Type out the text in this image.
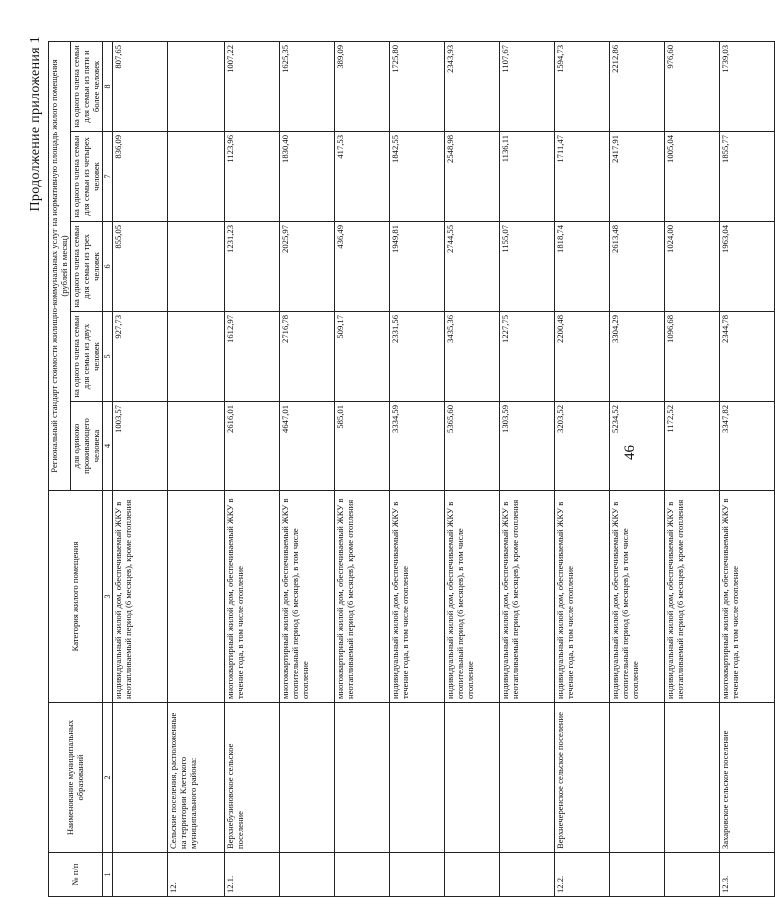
Продолжение приложения 1
№ п/п	Наименование муниципальных образований	Категория жилого помещения	Региональный стандарт стоимости жилищно-коммунальных услуг на нормативную площадь жилого помещения (рублей в месяц)				
			для одиноко проживающего человека	на одного члена семьи для семьи из двух человек	на одного члена семьи для семьи из трех человек	на одного члена семьи для семьи из четырех человек	на одного члена семьи для семьи из пяти и более человек
1	2	3	4	5	6	7	8
		индивидуальный жилой дом, обеспечиваемый ЖКУ в неотапливаемый период (6 месяцев), кроме отопления	1003,57	927,73	855,05	836,09	807,65
12.	Сельские поселения, расположенные на территории Клетского муниципального района:						
12.1.	Верхнебузиновское сельское поселение	многоквартирный жилой дом, обеспечиваемый ЖКУ в течение года, в том числе отопление	2616,01	1612,97	1231,23	1123,96	1007,22
		многоквартирный жилой дом, обеспечиваемый ЖКУ в отопительный период (6 месяцев), в том числе отопление	4647,01	2716,78	2025,97	1830,40	1625,35
		многоквартирный жилой дом, обеспечиваемый ЖКУ в неотапливаемый период (6 месяцев), кроме отопления	585,01	509,17	436,49	417,53	389,09
		индивидуальный жилой дом, обеспечиваемый ЖКУ в течение года, в том числе отопление	3334,59	2331,56	1949,81	1842,55	1725,80
		индивидуальный жилой дом, обеспечиваемый ЖКУ в отопительный период (6 месяцев), в том числе отопление	5365,60	3435,36	2744,55	2548,98	2343,93
		индивидуальный жилой дом, обеспечиваемый ЖКУ в неотапливаемый период (6 месяцев), кроме отопления	1303,59	1227,75	1155,07	1136,11	1107,67
12.2.	Верхнечеренское сельское поселение	индивидуальный жилой дом, обеспечиваемый ЖКУ в течение года, в том числе отопление	3203,52	2200,48	1818,74	1711,47	1594,73
		индивидуальный жилой дом, обеспечиваемый ЖКУ в отопительный период (6 месяцев), в том числе отопление	5234,52	3304,29	2613,48	2417,91	2212,86
		индивидуальный жилой дом, обеспечиваемый ЖКУ в неотапливаемый период (6 месяцев), кроме отопления	1172,52	1096,68	1024,00	1005,04	976,60
12.3.	Захаровское сельское поселение	многоквартирный жилой дом, обеспечиваемый ЖКУ в течение года, в том числе отопление	3347,82	2344,78	1963,04	1855,77	1739,03
46
